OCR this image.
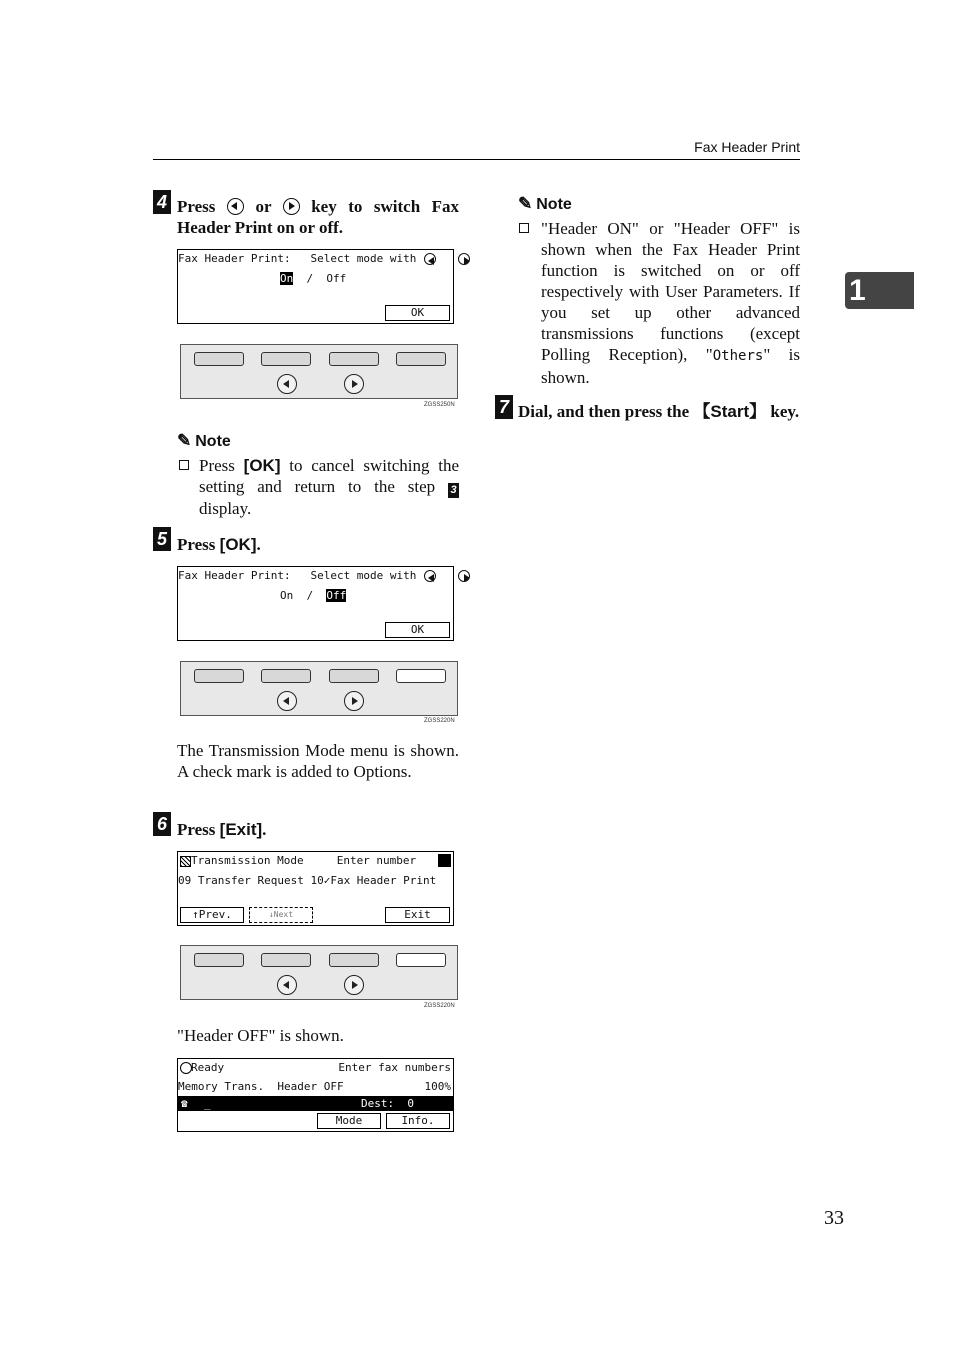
Fax Header Print
1
33
4 Press or key to switch Fax Header Print on or off.
Fax Header Print:   Select mode with

On / Off
OK
ZGSS250N
✎ Note
Press [OK] to cancel switching the setting and return to the step 3 display.
5 Press [OK].
Fax Header Print:   Select mode with

On / Off
OK
ZGSS220N
The Transmission Mode menu is shown. A check mark is added to Options.
6 Press [Exit].
Transmission Mode     Enter number
09 Transfer Request 10✓Fax Header Print
↑Prev.	↓Next	Exit
ZGSS220N
"Header OFF" is shown.
Ready	Enter fax numbers
Memory Trans.  Header OFF	100%
☎ _	Dest:  0
Mode	Info.
✎ Note
"Header ON" or "Header OFF" is shown when the Fax Header Print function is switched on or off respectively with User Parameters. If you set up other advanced transmissions functions (except Polling Reception), "Others" is shown.
7 Dial, and then press the 【Start】 key.
